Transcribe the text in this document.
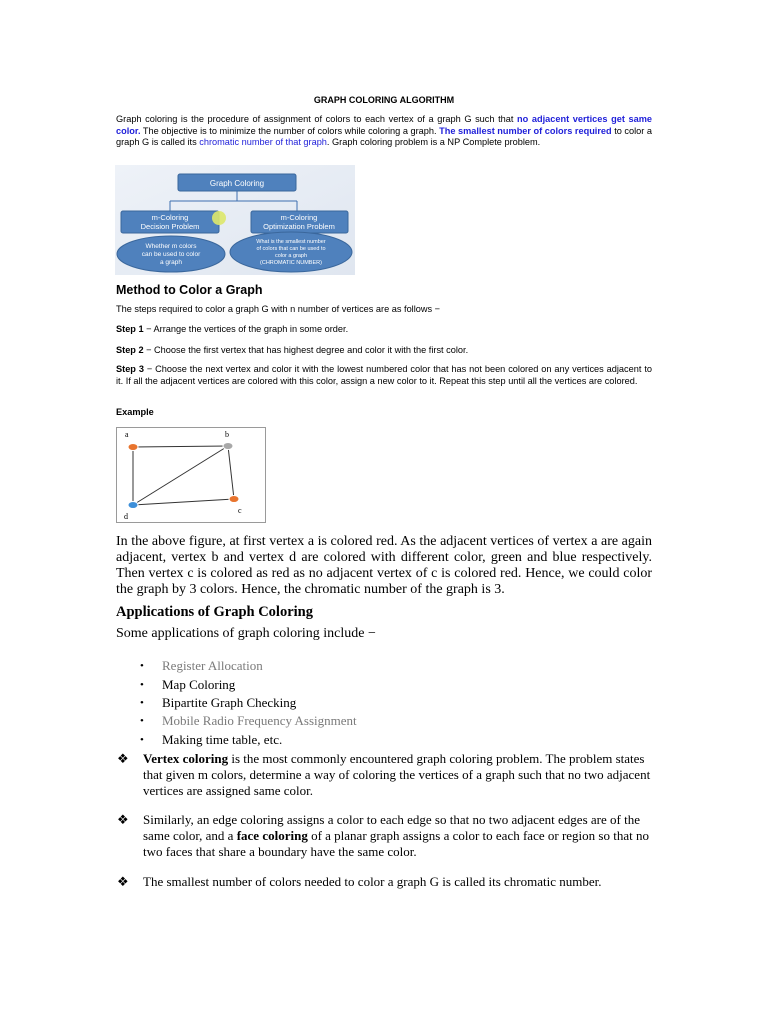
GRAPH COLORING ALGORITHM
Graph coloring is the procedure of assignment of colors to each vertex of a graph G such that no adjacent vertices get same color. The objective is to minimize the number of colors while coloring a graph. The smallest number of colors required to color a graph G is called its chromatic number of that graph. Graph coloring problem is a NP Complete problem.
Graph Coloring
m-Coloring
Decision Problem
m-Coloring
Optimization Problem
Whether m colors
can be used to color
a graph
What is the smallest number
of colors that can be used to
color a graph
(CHROMATIC NUMBER)
Method to Color a Graph
The steps required to color a graph G with n number of vertices are as follows −
Step 1 − Arrange the vertices of the graph in some order.
Step 2 − Choose the first vertex that has highest degree and color it with the first color.
Step 3 − Choose the next vertex and color it with the lowest numbered color that has not been colored on any vertices adjacent to it. If all the adjacent vertices are colored with this color, assign a new color to it. Repeat this step until all the vertices are colored.
Example
a	b
c
d
In the above figure, at first vertex a is colored red. As the adjacent vertices of vertex a are again adjacent, vertex b and vertex d are colored with different color, green and blue respectively. Then vertex c is colored as red as no adjacent vertex of c is colored red. Hence, we could color the graph by 3 colors. Hence, the chromatic number of the graph is 3.
Applications of Graph Coloring
Some applications of graph coloring include −
• Register Allocation
• Map Coloring
• Bipartite Graph Checking
• Mobile Radio Frequency Assignment
• Making time table, etc.
❖ Vertex coloring is the most commonly encountered graph coloring problem. The problem states that given m colors, determine a way of coloring the vertices of a graph such that no two adjacent vertices are assigned same color.
❖ Similarly, an edge coloring assigns a color to each edge so that no two adjacent edges are of the same color, and a face coloring of a planar graph assigns a color to each face or region so that no two faces that share a boundary have the same color.
❖ The smallest number of colors needed to color a graph G is called its chromatic number.
